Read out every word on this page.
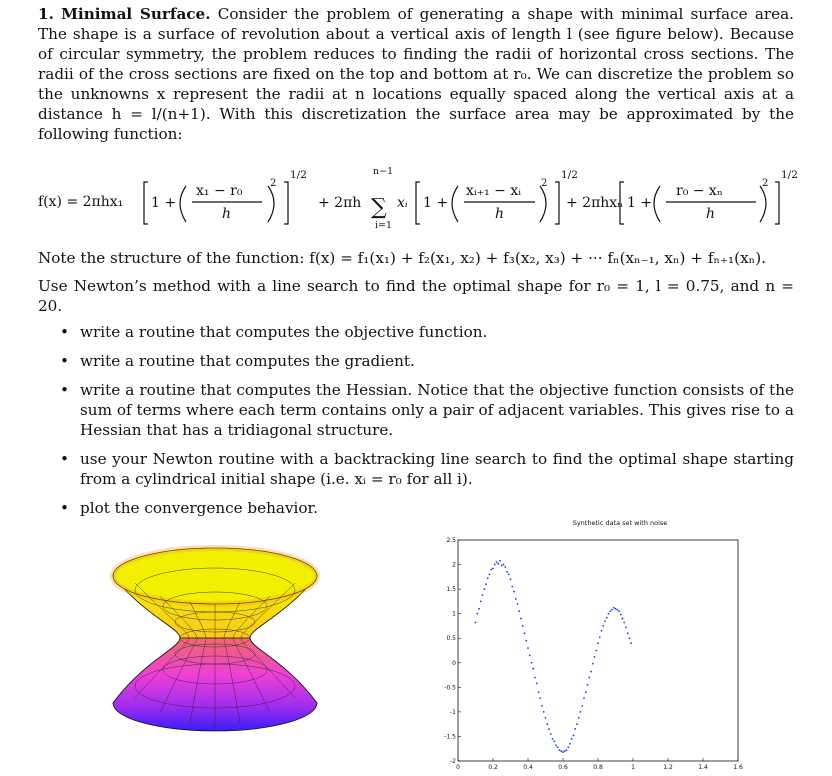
1. Minimal Surface. Consider the problem of generating a shape with minimal surface area. The shape is a surface of revolution about a vertical axis of length l (see figure below). Because of circular symmetry, the problem reduces to finding the radii of horizontal cross sections. The radii of the cross sections are fixed on the top and bottom at r₀. We can discretize the problem so the unknowns x represent the radii at n locations equally spaced along the vertical axis at a distance h = l/(n+1). With this discretization the surface area may be approximated by the following function:

f(x) = 2πhx₁ 1 +
x₁ − r₀
h
2
1/2
+ 2πh
n−1
∑
i=1
xᵢ 1 +
xᵢ₊₁ − xᵢ
h
2
1/2
+ 2πhxₙ 1 +
r₀ − xₙ
h
2
1/2

Note the structure of the function: f(x) = f₁(x₁) + f₂(x₁, x₂) + f₃(x₂, x₃) + ··· fₙ(xₙ₋₁, xₙ) + fₙ₊₁(xₙ).

Use Newton’s method with a line search to find the optimal shape for r₀ = 1, l = 0.75, and n = 20.

• write a routine that computes the objective function.
• write a routine that computes the gradient.
• write a routine that computes the Hessian. Notice that the objective function consists of the sum of terms where each term contains only a pair of adjacent variables. This gives rise to a Hessian that has a tridiagonal structure.
• use your Newton routine with a backtracking line search to find the optimal shape starting from a cylindrical initial shape (i.e. xᵢ = r₀ for all i).
• plot the convergence behavior.
Synthetic data set with noise
-2
-1.5
-1
-0.5
0
0.5
1
1.5
2
2.5
0	0.2	0.4	0.6	0.8	1	1.2	1.4	1.6
